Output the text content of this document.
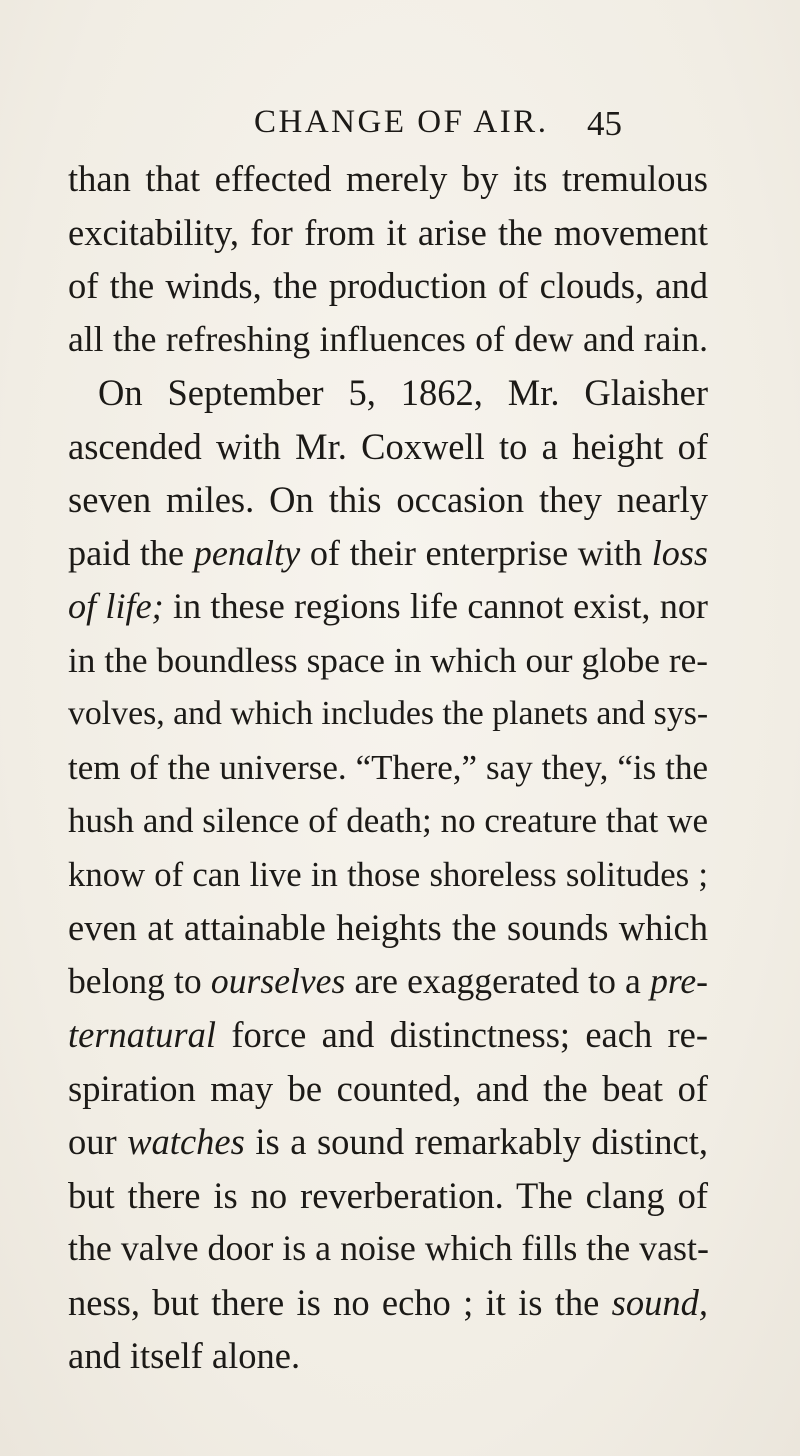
CHANGE OF AIR. 45
than that effected merely by its tremulous
excitability, for from it arise the movement
of the winds, the production of clouds, and
all the refreshing influences of dew and rain.
On September 5, 1862, Mr. Glaisher
ascended with Mr. Coxwell to a height of
seven miles. On this occasion they nearly
paid the penalty of their enterprise with loss
of life; in these regions life cannot exist, nor
in the boundless space in which our globe re-
volves, and which includes the planets and sys-
tem of the universe. “There,” say they, “is the
hush and silence of death; no creature that we
know of can live in those shoreless solitudes ;
even at attainable heights the sounds which
belong to ourselves are exaggerated to a pre-
ternatural force and distinctness; each re-
spiration may be counted, and the beat of
our watches is a sound remarkably distinct,
but there is no reverberation. The clang of
the valve door is a noise which fills the vast-
ness, but there is no echo ; it is the sound,
and itself alone.
